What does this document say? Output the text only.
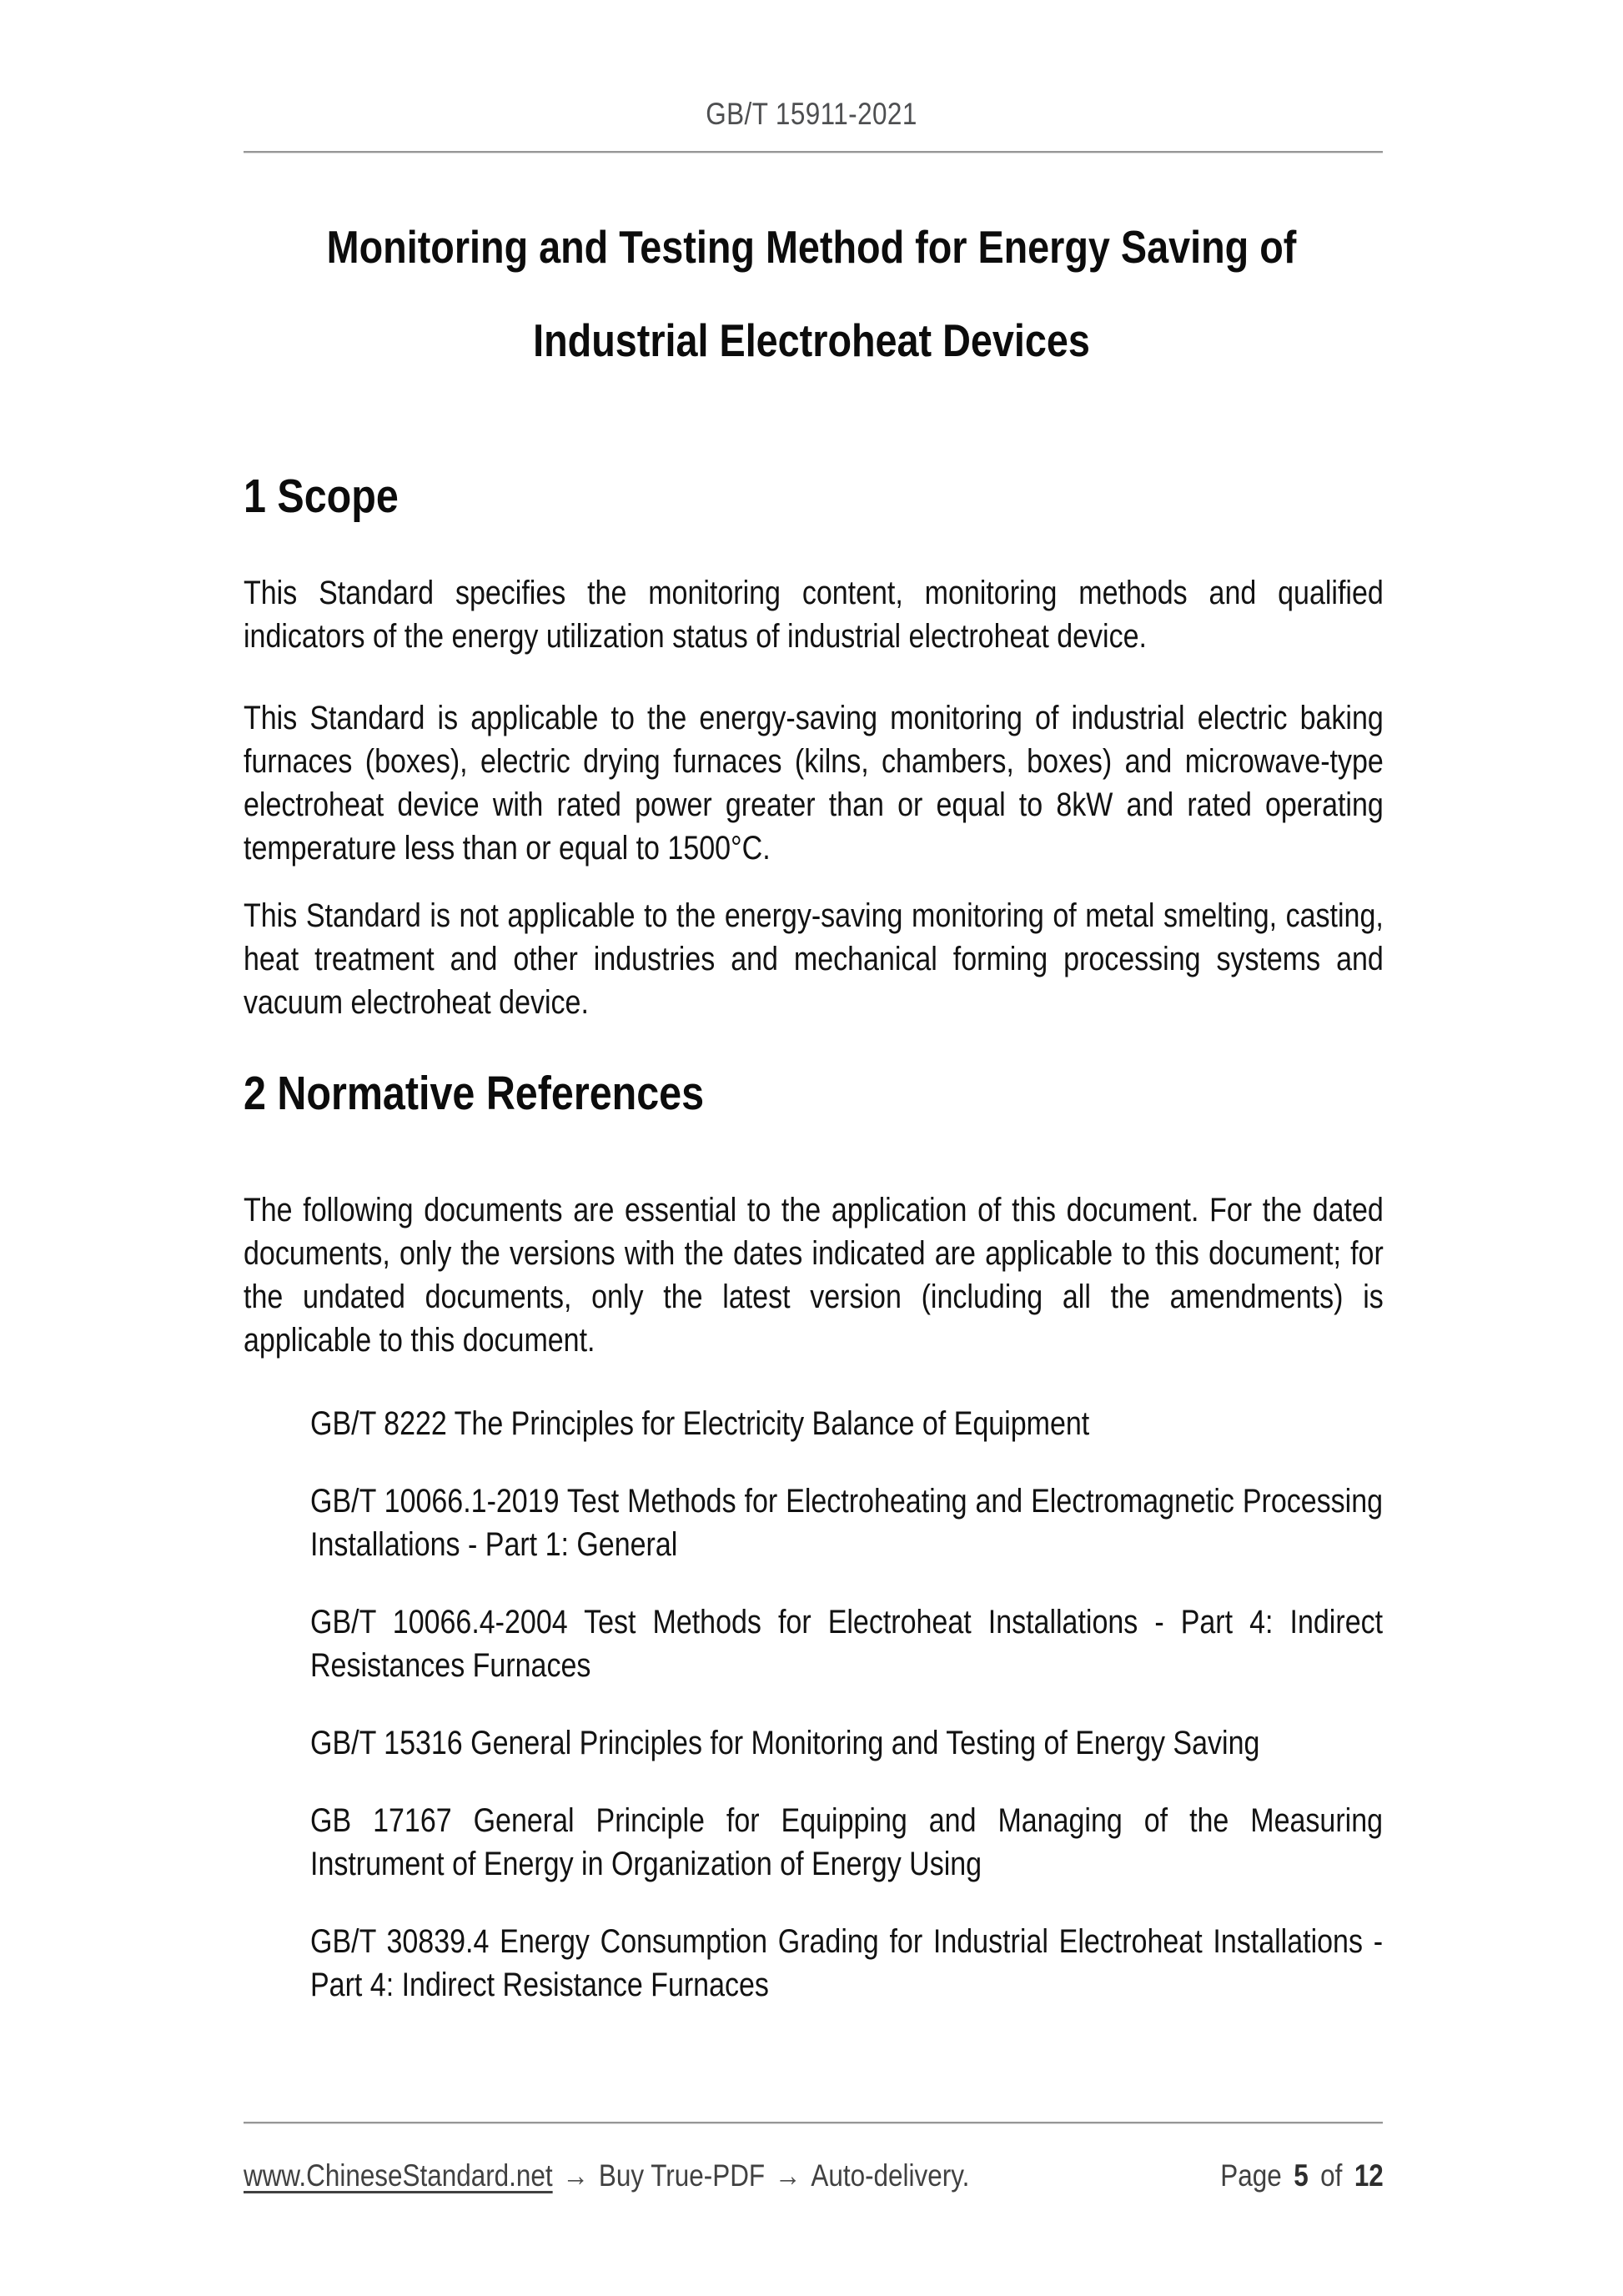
GB/T 15911-2021
Monitoring and Testing Method for Energy Saving of
Industrial Electroheat Devices
1 Scope

This Standard specifies the monitoring content, monitoring methods and qualified indicators of the energy utilization status of industrial electroheat device.

This Standard is applicable to the energy-saving monitoring of industrial electric baking furnaces (boxes), electric drying furnaces (kilns, chambers, boxes) and microwave-type electroheat device with rated power greater than or equal to 8kW and rated operating temperature less than or equal to 1500°C.

This Standard is not applicable to the energy-saving monitoring of metal smelting, casting, heat treatment and other industries and mechanical forming processing systems and vacuum electroheat device.

2 Normative References

The following documents are essential to the application of this document. For the dated documents, only the versions with the dates indicated are applicable to this document; for the undated documents, only the latest version (including all the amendments) is applicable to this document.

GB/T 8222 The Principles for Electricity Balance of Equipment

GB/T 10066.1-2019 Test Methods for Electroheating and Electromagnetic Processing Installations - Part 1: General

GB/T 10066.4-2004 Test Methods for Electroheat Installations - Part 4: Indirect Resistances Furnaces

GB/T 15316 General Principles for Monitoring and Testing of Energy Saving

GB 17167 General Principle for Equipping and Managing of the Measuring Instrument of Energy in Organization of Energy Using

GB/T 30839.4 Energy Consumption Grading for Industrial Electroheat Installations -Part 4: Indirect Resistance Furnaces

www.ChineseStandard.net → Buy True-PDF → Auto-delivery.	Page 5 of 12
